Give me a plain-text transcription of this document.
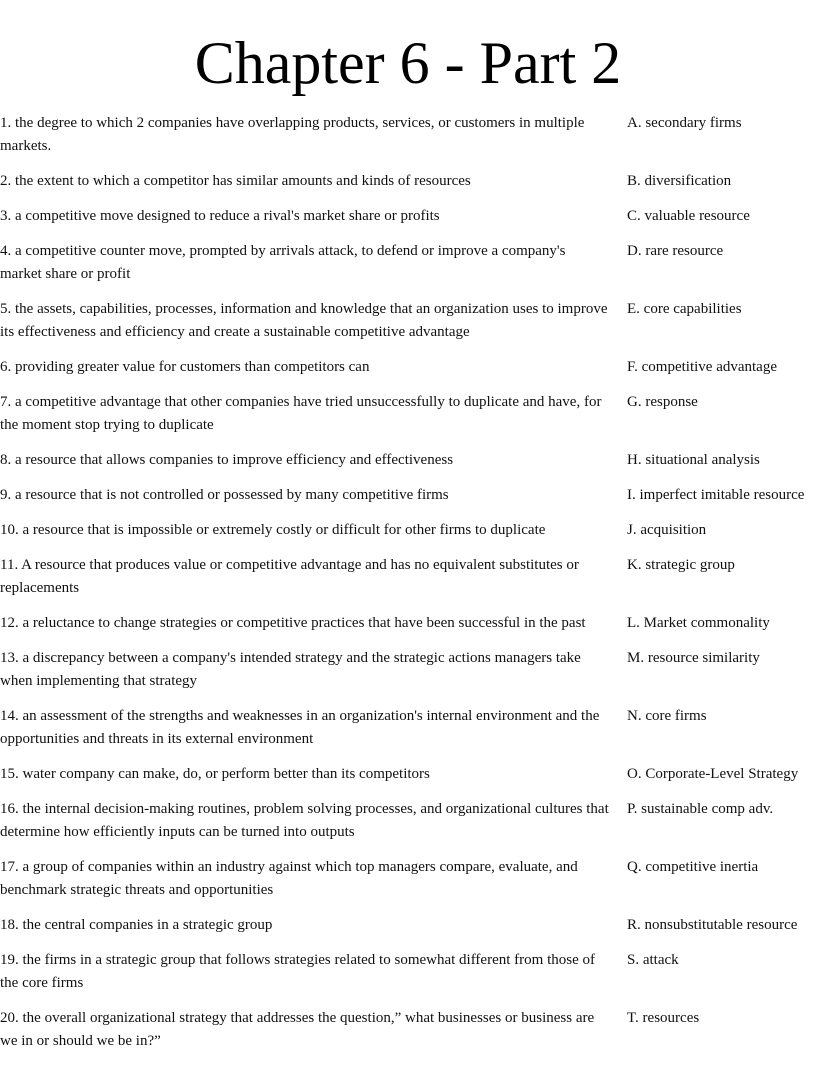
Chapter 6 - Part 2
1. the degree to which 2 companies have overlapping products, services, or customers in multiple markets.
A. secondary firms
2. the extent to which a competitor has similar amounts and kinds of resources	B. diversification
3. a competitive move designed to reduce a rival's market share or profits	C. valuable resource
4. a competitive counter move, prompted by arrivals attack, to defend or improve a company's market share or profit
D. rare resource
5. the assets, capabilities, processes, information and knowledge that an organization uses to improve its effectiveness and efficiency and create a sustainable competitive advantage
E. core capabilities
6. providing greater value for customers than competitors can	F. competitive advantage
7. a competitive advantage that other companies have tried unsuccessfully to duplicate and have, for the moment stop trying to duplicate
G. response
8. a resource that allows companies to improve efficiency and effectiveness	H. situational analysis
9. a resource that is not controlled or possessed by many competitive firms	I. imperfect imitable resource
10. a resource that is impossible or extremely costly or difficult for other firms to duplicate	J. acquisition
11. A resource that produces value or competitive advantage and has no equivalent substitutes or replacements
K. strategic group
12. a reluctance to change strategies or competitive practices that have been successful in the past	L. Market commonality
13. a discrepancy between a company's intended strategy and the strategic actions managers take when implementing that strategy
M. resource similarity
14. an assessment of the strengths and weaknesses in an organization's internal environment and the opportunities and threats in its external environment
N. core firms
15. water company can make, do, or perform better than its competitors	O. Corporate-Level Strategy
16. the internal decision-making routines, problem solving processes, and organizational cultures that determine how efficiently inputs can be turned into outputs
P. sustainable comp adv.
17. a group of companies within an industry against which top managers compare, evaluate, and benchmark strategic threats and opportunities
Q. competitive inertia
18. the central companies in a strategic group	R. nonsubstitutable resource
19. the firms in a strategic group that follows strategies related to somewhat different from those of the core firms
S. attack
20. the overall organizational strategy that addresses the question,” what businesses or business are we in or should we be in?”
T. resources
